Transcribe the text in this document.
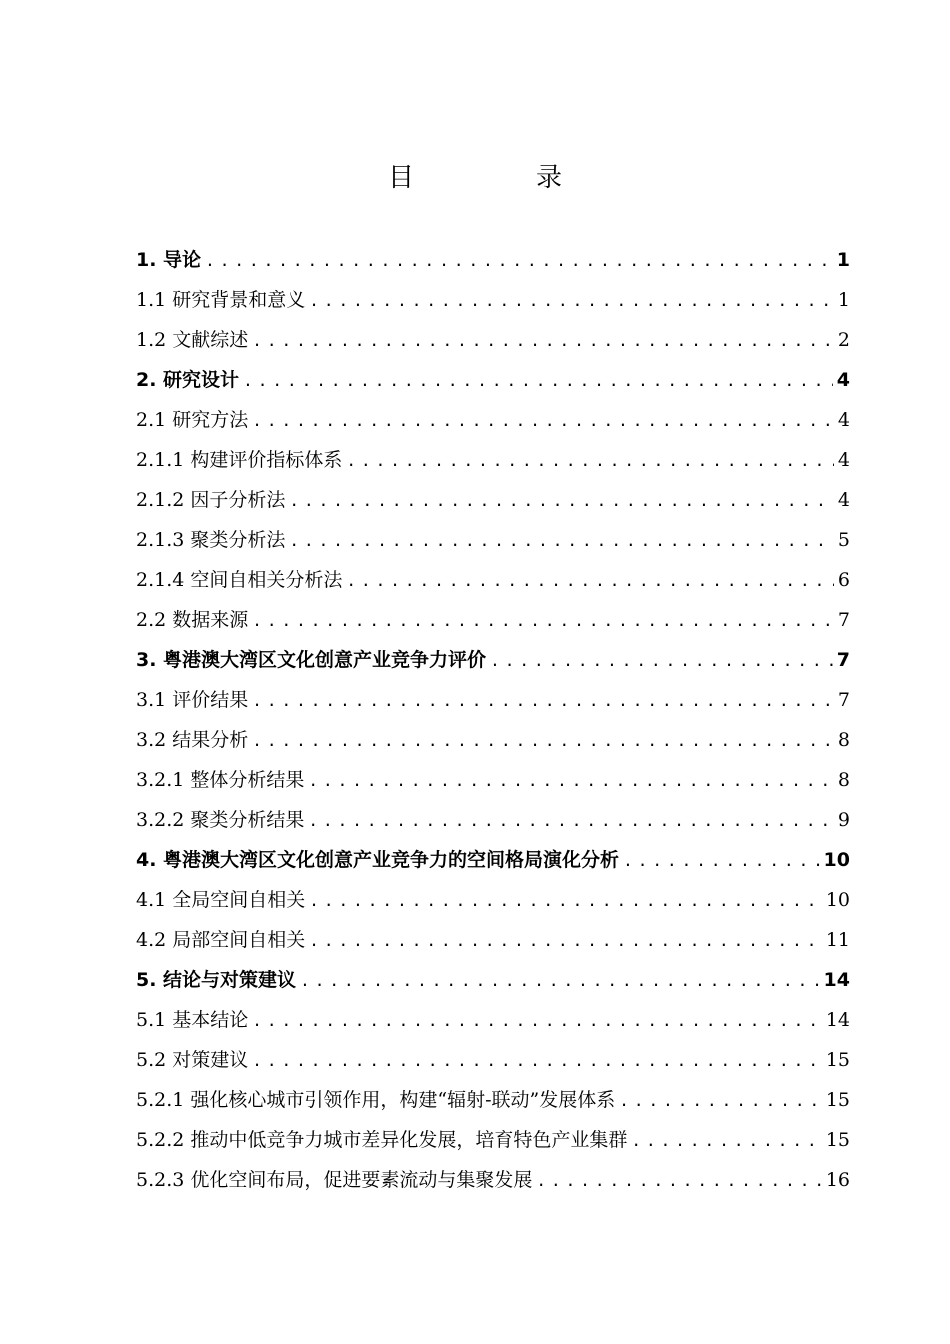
目　录
1. 导论 .....	1
1.1 研究背景和意义 .....	1
1.2 文献综述 .....	2
2. 研究设计 .....	4
2.1 研究方法 .....	4
2.1.1 构建评价指标体系 .....	4
2.1.2 因子分析法 .....	4
2.1.3 聚类分析法 .....	5
2.1.4 空间自相关分析法 .....	6
2.2 数据来源 .....	7
3. 粤港澳大湾区文化创意产业竞争力评价 .....	7
3.1 评价结果 .....	7
3.2 结果分析 .....	8
3.2.1 整体分析结果 .....	8
3.2.2 聚类分析结果 .....	9
4. 粤港澳大湾区文化创意产业竞争力的空间格局演化分析 .....	10
4.1 全局空间自相关 .....	10
4.2 局部空间自相关 .....	11
5. 结论与对策建议 .....	14
5.1 基本结论 .....	14
5.2 对策建议 .....	15
5.2.1 强化核心城市引领作用，构建“辐射-联动”发展体系 .....	15
5.2.2 推动中低竞争力城市差异化发展，培育特色产业集群 .....	15
5.2.3 优化空间布局，促进要素流动与集聚发展 .....	16
